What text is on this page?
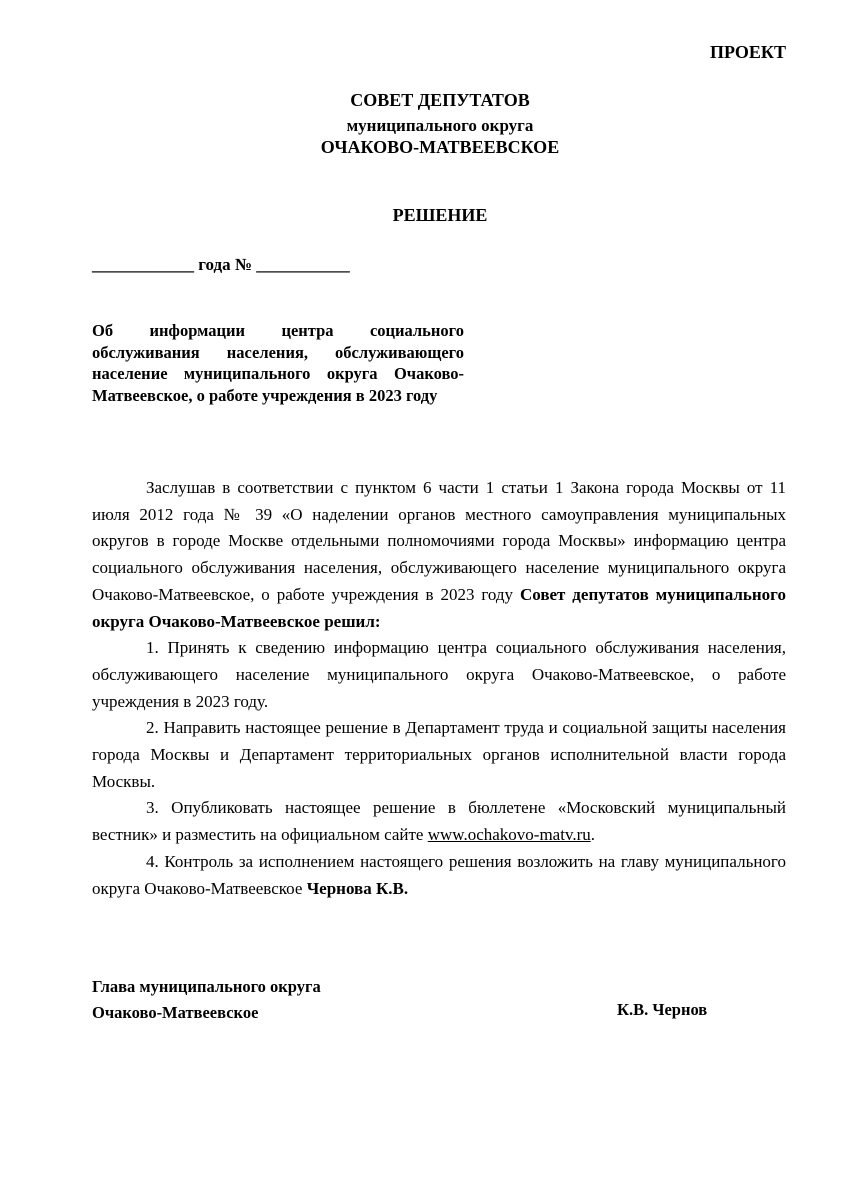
ПРОЕКТ
СОВЕТ ДЕПУТАТОВ
муниципального округа
ОЧАКОВО-МАТВЕЕВСКОЕ
РЕШЕНИЕ
____________ года № ___________
Об информации центра социального обслуживания населения, обслуживающего население муниципального округа Очаково-Матвеевское, о работе учреждения в 2023 году

Заслушав в соответствии с пунктом 6 части 1 статьи 1 Закона города Москвы от 11 июля 2012 года № 39 «О наделении органов местного самоуправления муниципальных округов в городе Москве отдельными полномочиями города Москвы» информацию центра социального обслуживания населения, обслуживающего население муниципального округа Очаково-Матвеевское, о работе учреждения в 2023 году Совет депутатов муниципального округа Очаково-Матвеевское решил:

1. Принять к сведению информацию центра социального обслуживания населения, обслуживающего население муниципального округа Очаково-Матвеевское, о работе учреждения в 2023 году.

2. Направить настоящее решение в Департамент труда и социальной защиты населения города Москвы и Департамент территориальных органов исполнительной власти города Москвы.

3. Опубликовать настоящее решение в бюллетене «Московский муниципальный вестник» и разместить на официальном сайте www.ochakovo-matv.ru.

4. Контроль за исполнением настоящего решения возложить на главу муниципального округа Очаково-Матвеевское Чернова К.В.

Глава муниципального округа
Очаково-Матвеевское	К.В. Чернов
